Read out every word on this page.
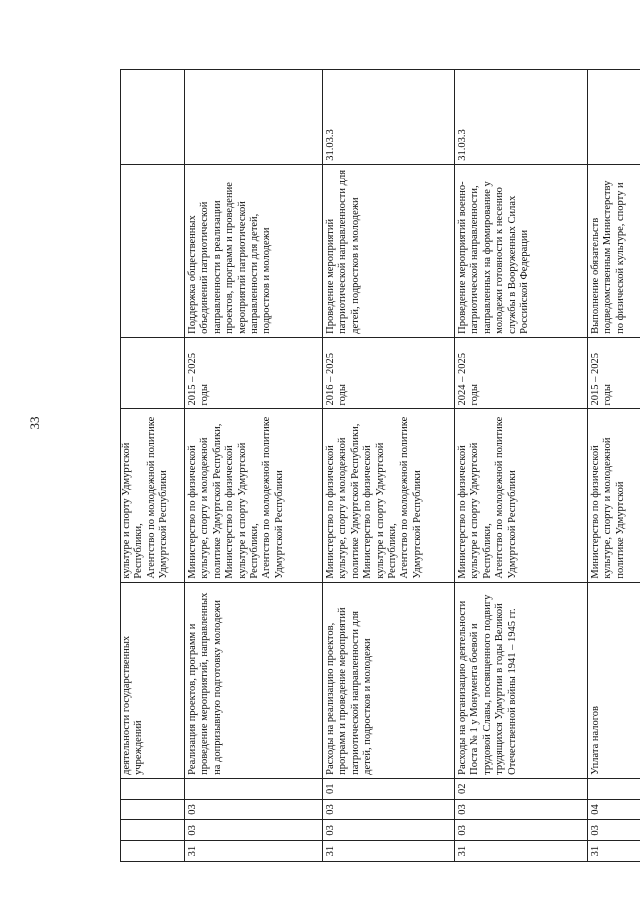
33
				деятельности государственных учреждений	культуре и спорту Удмуртской Республики,
Агентство по молодежной политике Удмуртской Республики			
31	03	03		Реализация проектов, программ и проведение мероприятий, направленных на допризывную подготовку молодежи	Министерство по физической культуре, спорту и молодежной политике Удмуртской Республики,
Министерство по физической культуре и спорту Удмуртской Республики,
Агентство по молодежной политике Удмуртской Республики	2015 – 2025 годы	Поддержка общественных объединений патриотической направленности в реализации проектов, программ и проведение мероприятий патриотической направленности для детей, подростков и молодежи	
31	03	03	01	Расходы на реализацию проектов, программ и проведение мероприятий патриотической направленности для детей, подростков и молодежи	Министерство по физической культуре, спорту и молодежной политике Удмуртской Республики,
Министерство по физической культуре и спорту Удмуртской Республики,
Агентство по молодежной политике Удмуртской Республики	2016 – 2025 годы	Проведение мероприятий патриотической направленности для детей, подростков и молодежи	31.03.3
31	03	03	02	Расходы на организацию деятельности Поста № 1 у Монумента боевой и трудовой Славы, посвященного подвигу трудящихся Удмуртии в годы Великой Отечественной войны 1941 – 1945 гг.	Министерство по физической культуре и спорту Удмуртской Республики,
Агентство по молодежной политике Удмуртской Республики	2024 – 2025 годы	Проведение мероприятий военно-патриотической направленности, направленных на формирование у молодежи готовности к несению службы в Вооруженных Силах Российской Федерации	31.03.3
31	03	04		Уплата налогов	Министерство по физической культуре, спорту и молодежной политике Удмуртской	2015 – 2025 годы	Выполнение обязательств подведомственным Министерству по физической культуре, спорту и	
